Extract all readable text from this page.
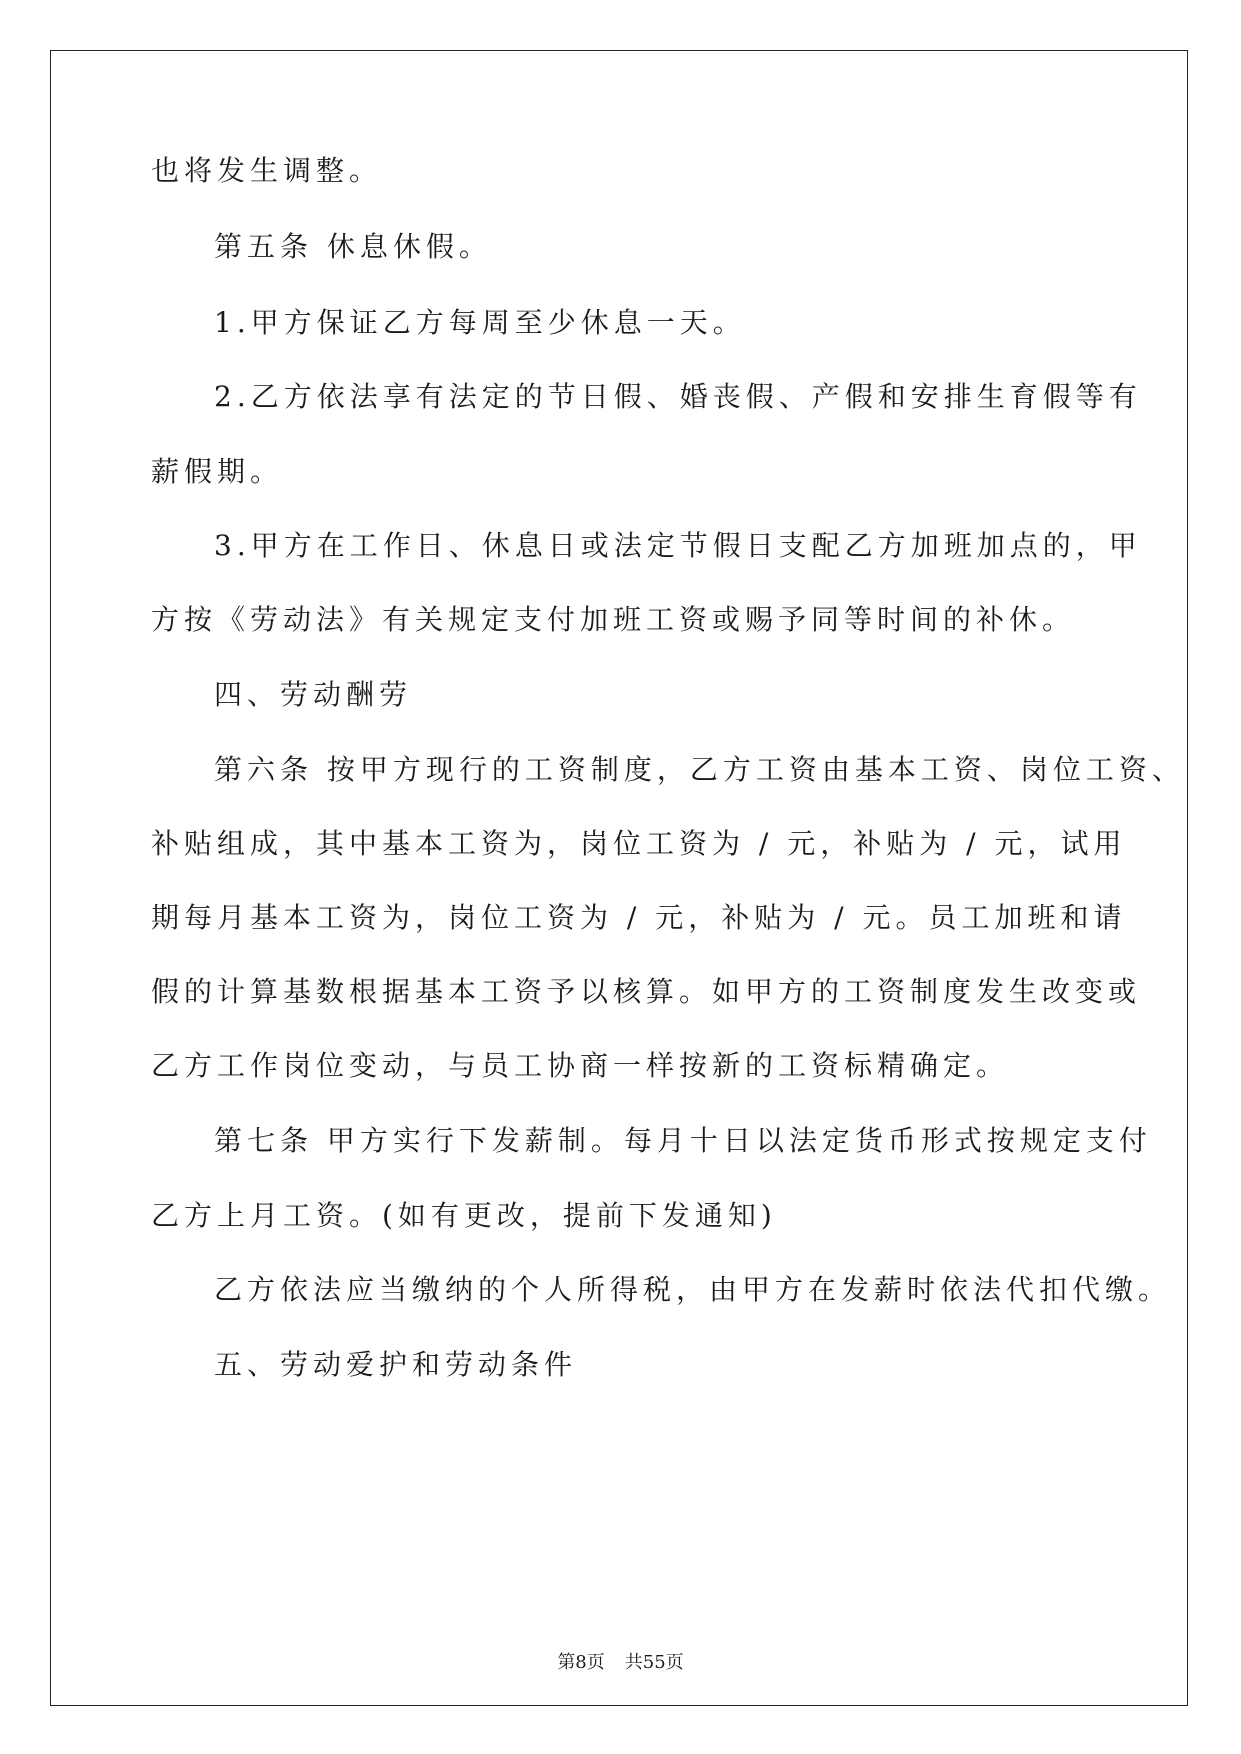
也将发生调整。
第五条 休息休假。
1.甲方保证乙方每周至少休息一天。
2.乙方依法享有法定的节日假、婚丧假、产假和安排生育假等有
薪假期。
3.甲方在工作日、休息日或法定节假日支配乙方加班加点的，甲
方按《劳动法》有关规定支付加班工资或赐予同等时间的补休。
四、劳动酬劳
第六条 按甲方现行的工资制度，乙方工资由基本工资、岗位工资、
补贴组成，其中基本工资为，岗位工资为 / 元，补贴为 / 元，试用
期每月基本工资为，岗位工资为 / 元，补贴为 / 元。员工加班和请
假的计算基数根据基本工资予以核算。如甲方的工资制度发生改变或
乙方工作岗位变动，与员工协商一样按新的工资标精确定。
第七条 甲方实行下发薪制。每月十日以法定货币形式按规定支付
乙方上月工资。(如有更改，提前下发通知)
乙方依法应当缴纳的个人所得税，由甲方在发薪时依法代扣代缴。
五、劳动爱护和劳动条件
第8页 共55页
